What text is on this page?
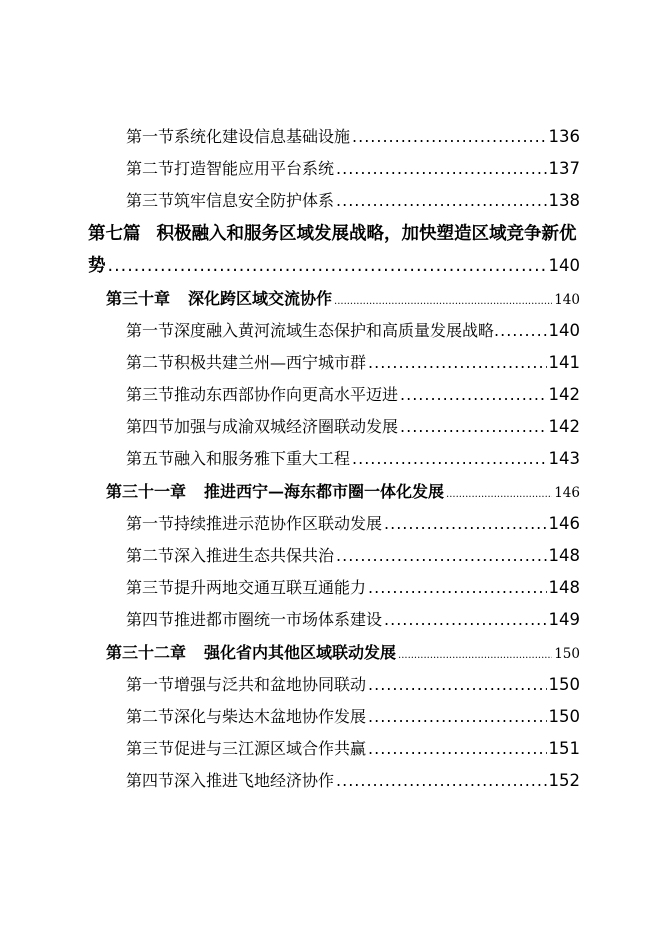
第一节 系统化建设信息基础设施 .....	136
第二节 打造智能应用平台系统 .....	137
第三节 筑牢信息安全防护体系 .....	138
第七篇 积极融入和服务区域发展战略，加快塑造区域竞争新优
势 .....	140
第三十章 深化跨区域交流协作 .....	140
第一节 深度融入黄河流域生态保护和高质量发展战略 .....	140
第二节 积极共建兰州—西宁城市群 .....	141
第三节 推动东西部协作向更高水平迈进 .....	142
第四节 加强与成渝双城经济圈联动发展 .....	142
第五节 融入和服务雅下重大工程 .....	143
第三十一章 推进西宁—海东都市圈一体化发展 .....	146
第一节 持续推进示范协作区联动发展 .....	146
第二节 深入推进生态共保共治 .....	148
第三节 提升两地交通互联互通能力 .....	148
第四节 推进都市圈统一市场体系建设 .....	149
第三十二章 强化省内其他区域联动发展 .....	150
第一节 增强与泛共和盆地协同联动 .....	150
第二节 深化与柴达木盆地协作发展 .....	150
第三节 促进与三江源区域合作共赢 .....	151
第四节 深入推进飞地经济协作 .....	152
